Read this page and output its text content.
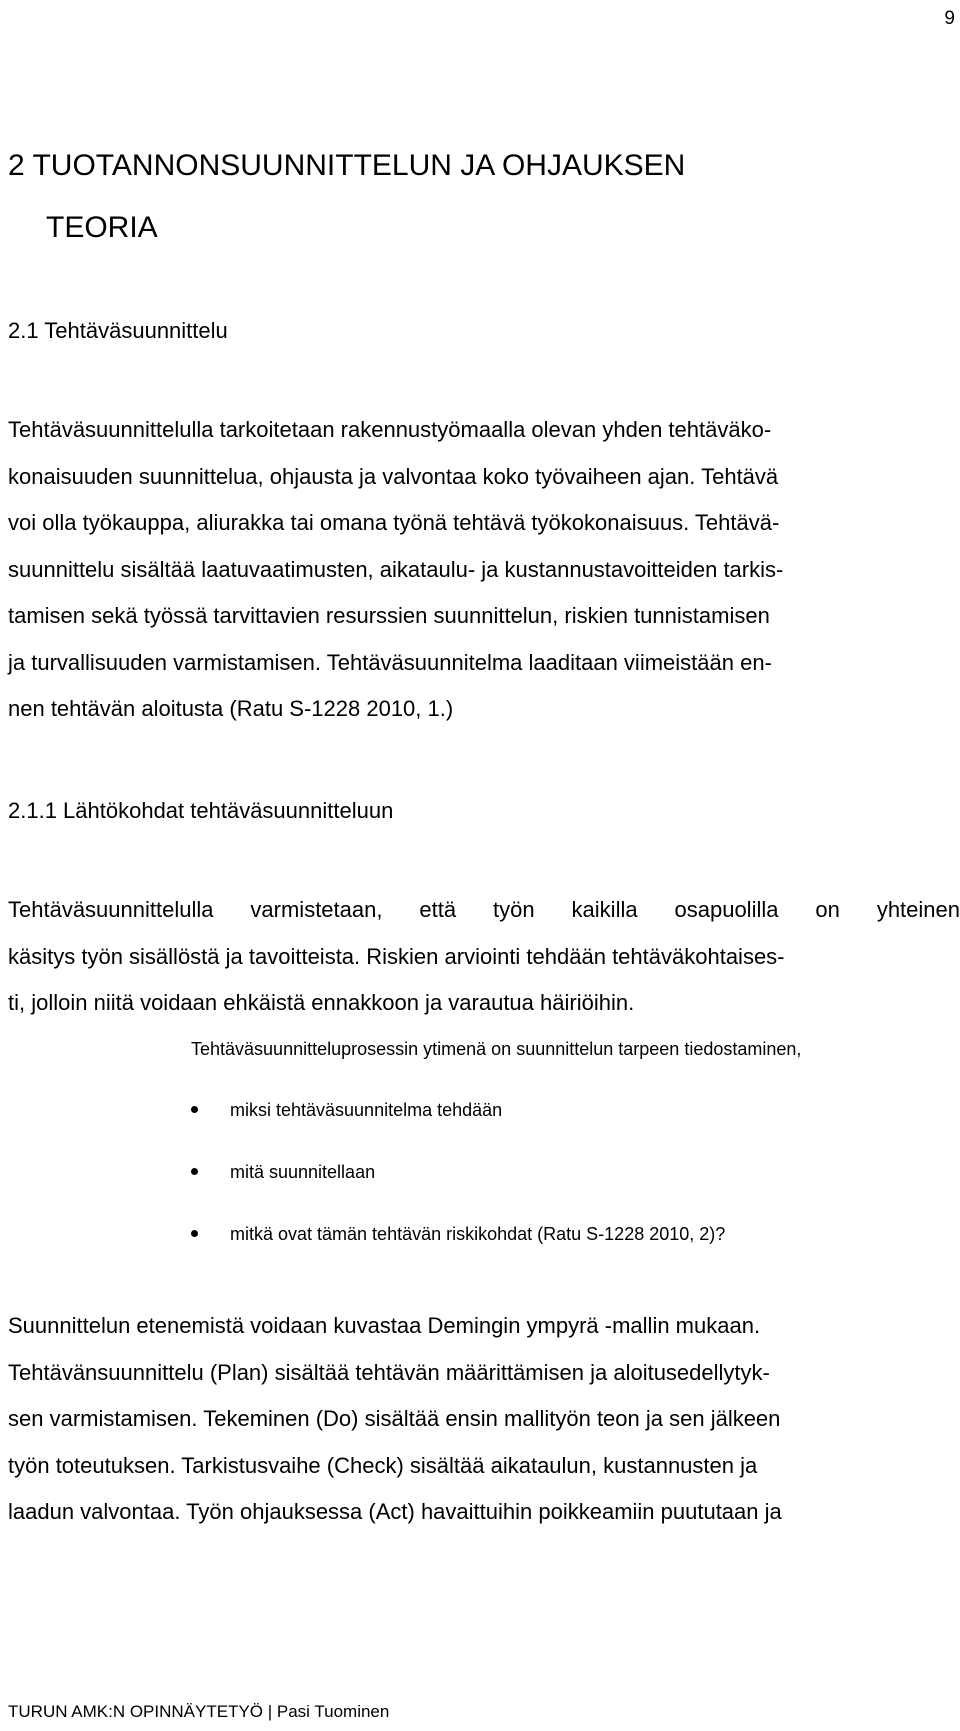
9
2 TUOTANNONSUUNNITTELUN JA OHJAUKSEN
TEORIA
2.1 Tehtäväsuunnittelu
Tehtäväsuunnittelulla tarkoitetaan rakennustyömaalla olevan yhden tehtäväko-
konaisuuden suunnittelua, ohjausta ja valvontaa koko työvaiheen ajan. Tehtävä
voi olla työkauppa, aliurakka tai omana työnä tehtävä työkokonaisuus. Tehtävä-
suunnittelu sisältää laatuvaatimusten, aikataulu- ja kustannustavoitteiden tarkis-
tamisen sekä työssä tarvittavien resurssien suunnittelun, riskien tunnistamisen
ja turvallisuuden varmistamisen. Tehtäväsuunnitelma laaditaan viimeistään en-
nen tehtävän aloitusta (Ratu S-1228 2010, 1.)
2.1.1 Lähtökohdat tehtäväsuunnitteluun
Tehtäväsuunnittelulla varmistetaan, että työn kaikilla osapuolilla on yhteinen
käsitys työn sisällöstä ja tavoitteista. Riskien arviointi tehdään tehtäväkohtaises-
ti, jolloin niitä voidaan ehkäistä ennakkoon ja varautua häiriöihin.
Tehtäväsuunnitteluprosessin ytimenä on suunnittelun tarpeen tiedostaminen,
miksi tehtäväsuunnitelma tehdään
mitä suunnitellaan
mitkä ovat tämän tehtävän riskikohdat (Ratu S-1228 2010, 2)?
Suunnittelun etenemistä voidaan kuvastaa Demingin ympyrä -mallin mukaan.
Tehtävänsuunnittelu (Plan) sisältää tehtävän määrittämisen ja aloitusedellytyk-
sen varmistamisen. Tekeminen (Do) sisältää ensin mallityön teon ja sen jälkeen
työn toteutuksen. Tarkistusvaihe (Check) sisältää aikataulun, kustannusten ja
laadun valvontaa. Työn ohjauksessa (Act) havaittuihin poikkeamiin puututaan ja
TURUN AMK:N OPINNÄYTETYÖ | Pasi Tuominen
